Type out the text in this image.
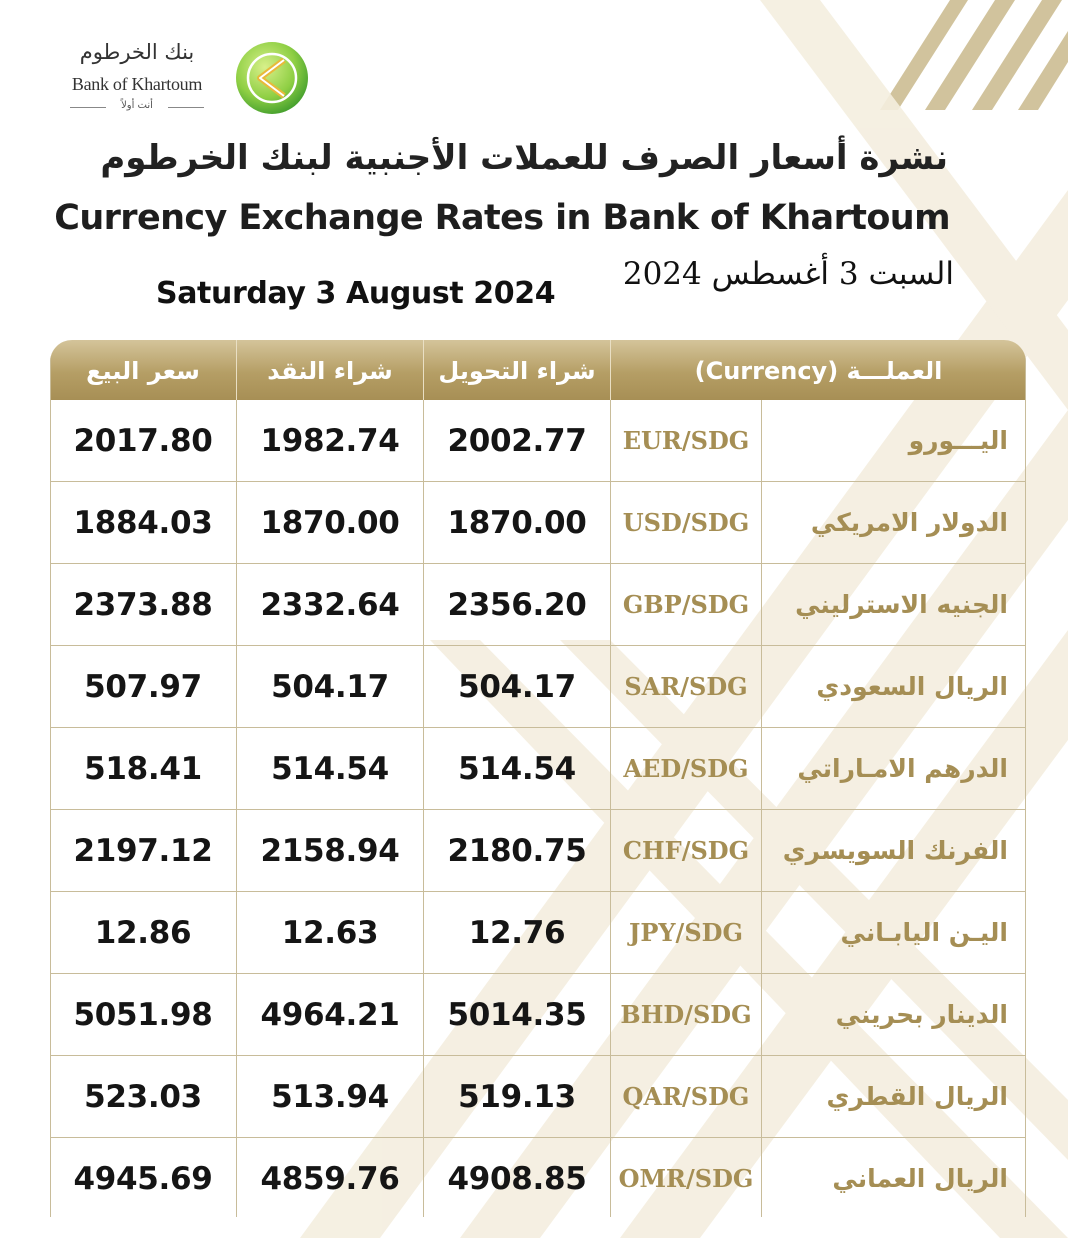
بنك الخرطوم
Bank of Khartoum
أنت أولاً
نشرة أسعار الصرف للعملات الأجنبية لبنك الخرطوم
Currency Exchange Rates in Bank of Khartoum
Saturday 3 August 2024
السبت 3 أغسطس 2024
سعر البيع	شراء النقد	شراء التحويل	العملـــة (Currency)
2017.80	1982.74	2002.77	EUR/SDG	اليـــورو
1884.03	1870.00	1870.00	USD/SDG	الدولار الامريكي
2373.88	2332.64	2356.20	GBP/SDG	الجنيه الاسترليني
507.97	504.17	504.17	SAR/SDG	الريال السعودي
518.41	514.54	514.54	AED/SDG	الدرهم الامـاراتي
2197.12	2158.94	2180.75	CHF/SDG	الفرنك السويسري
12.86	12.63	12.76	JPY/SDG	اليـن اليابـاني
5051.98	4964.21	5014.35	BHD/SDG	الدينار بحريني
523.03	513.94	519.13	QAR/SDG	الريال القطري
4945.69	4859.76	4908.85	OMR/SDG	الريال العماني
